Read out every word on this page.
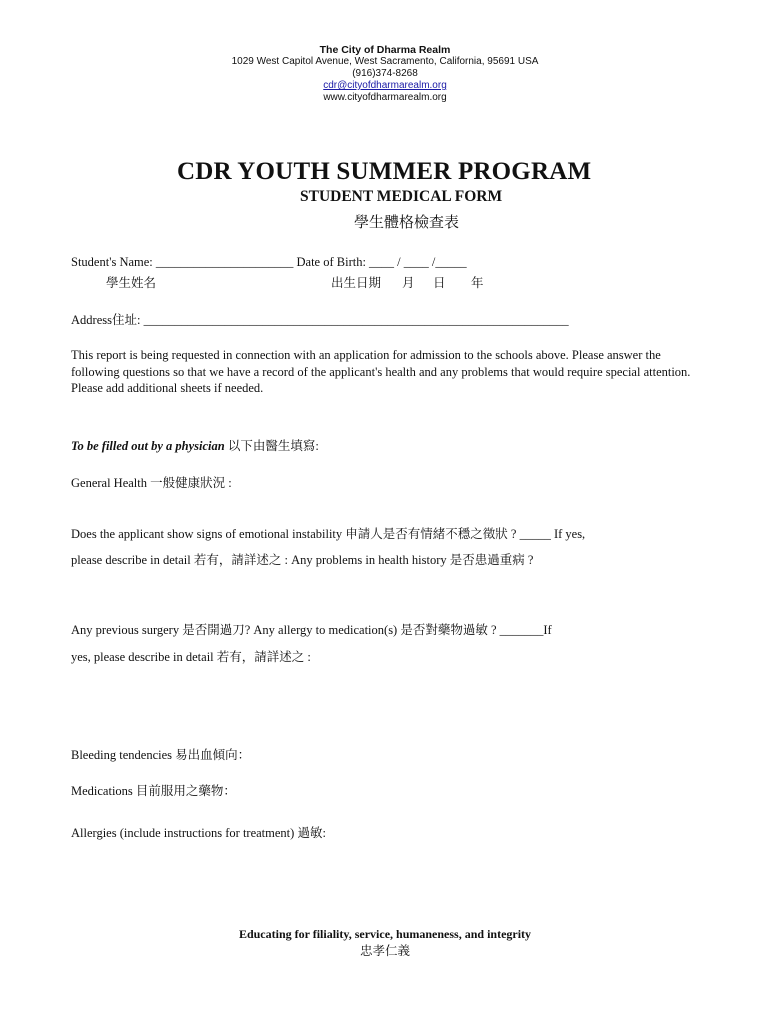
The City of Dharma Realm
1029 West Capitol Avenue, West Sacramento, California, 95691 USA
(916)374-8268
cdr@cityofdharmarealm.org
www.cityofdharmarealm.org
CDR YOUTH SUMMER PROGRAM
STUDENT MEDICAL FORM
學生體格檢查表
Student's Name: ______________________ Date of Birth: ____ / ____ /_____
學生姓名	出生日期 月 日 年
Address住址: ____________________________________________________________________
This report is being requested in connection with an application for admission to the schools above. Please answer the following questions so that we have a record of the applicant's health and any problems that would require special attention. Please add additional sheets if needed.
To be filled out by a physician 以下由醫生填寫:
General Health 一般健康狀況 :
Does the applicant show signs of emotional instability 申請人是否有情緒不穩之徵狀 ? _____ If yes,
please describe in detail 若有，請詳述之 : Any problems in health history 是否患過重病 ?
Any previous surgery 是否開過刀? Any allergy to medication(s) 是否對藥物過敏 ? _______If
yes, please describe in detail 若有，請詳述之 :
Bleeding tendencies 易出血傾向：
Medications 目前服用之藥物：
Allergies (include instructions for treatment) 過敏:
Educating for filiality, service, humaneness, and integrity
忠孝仁義
